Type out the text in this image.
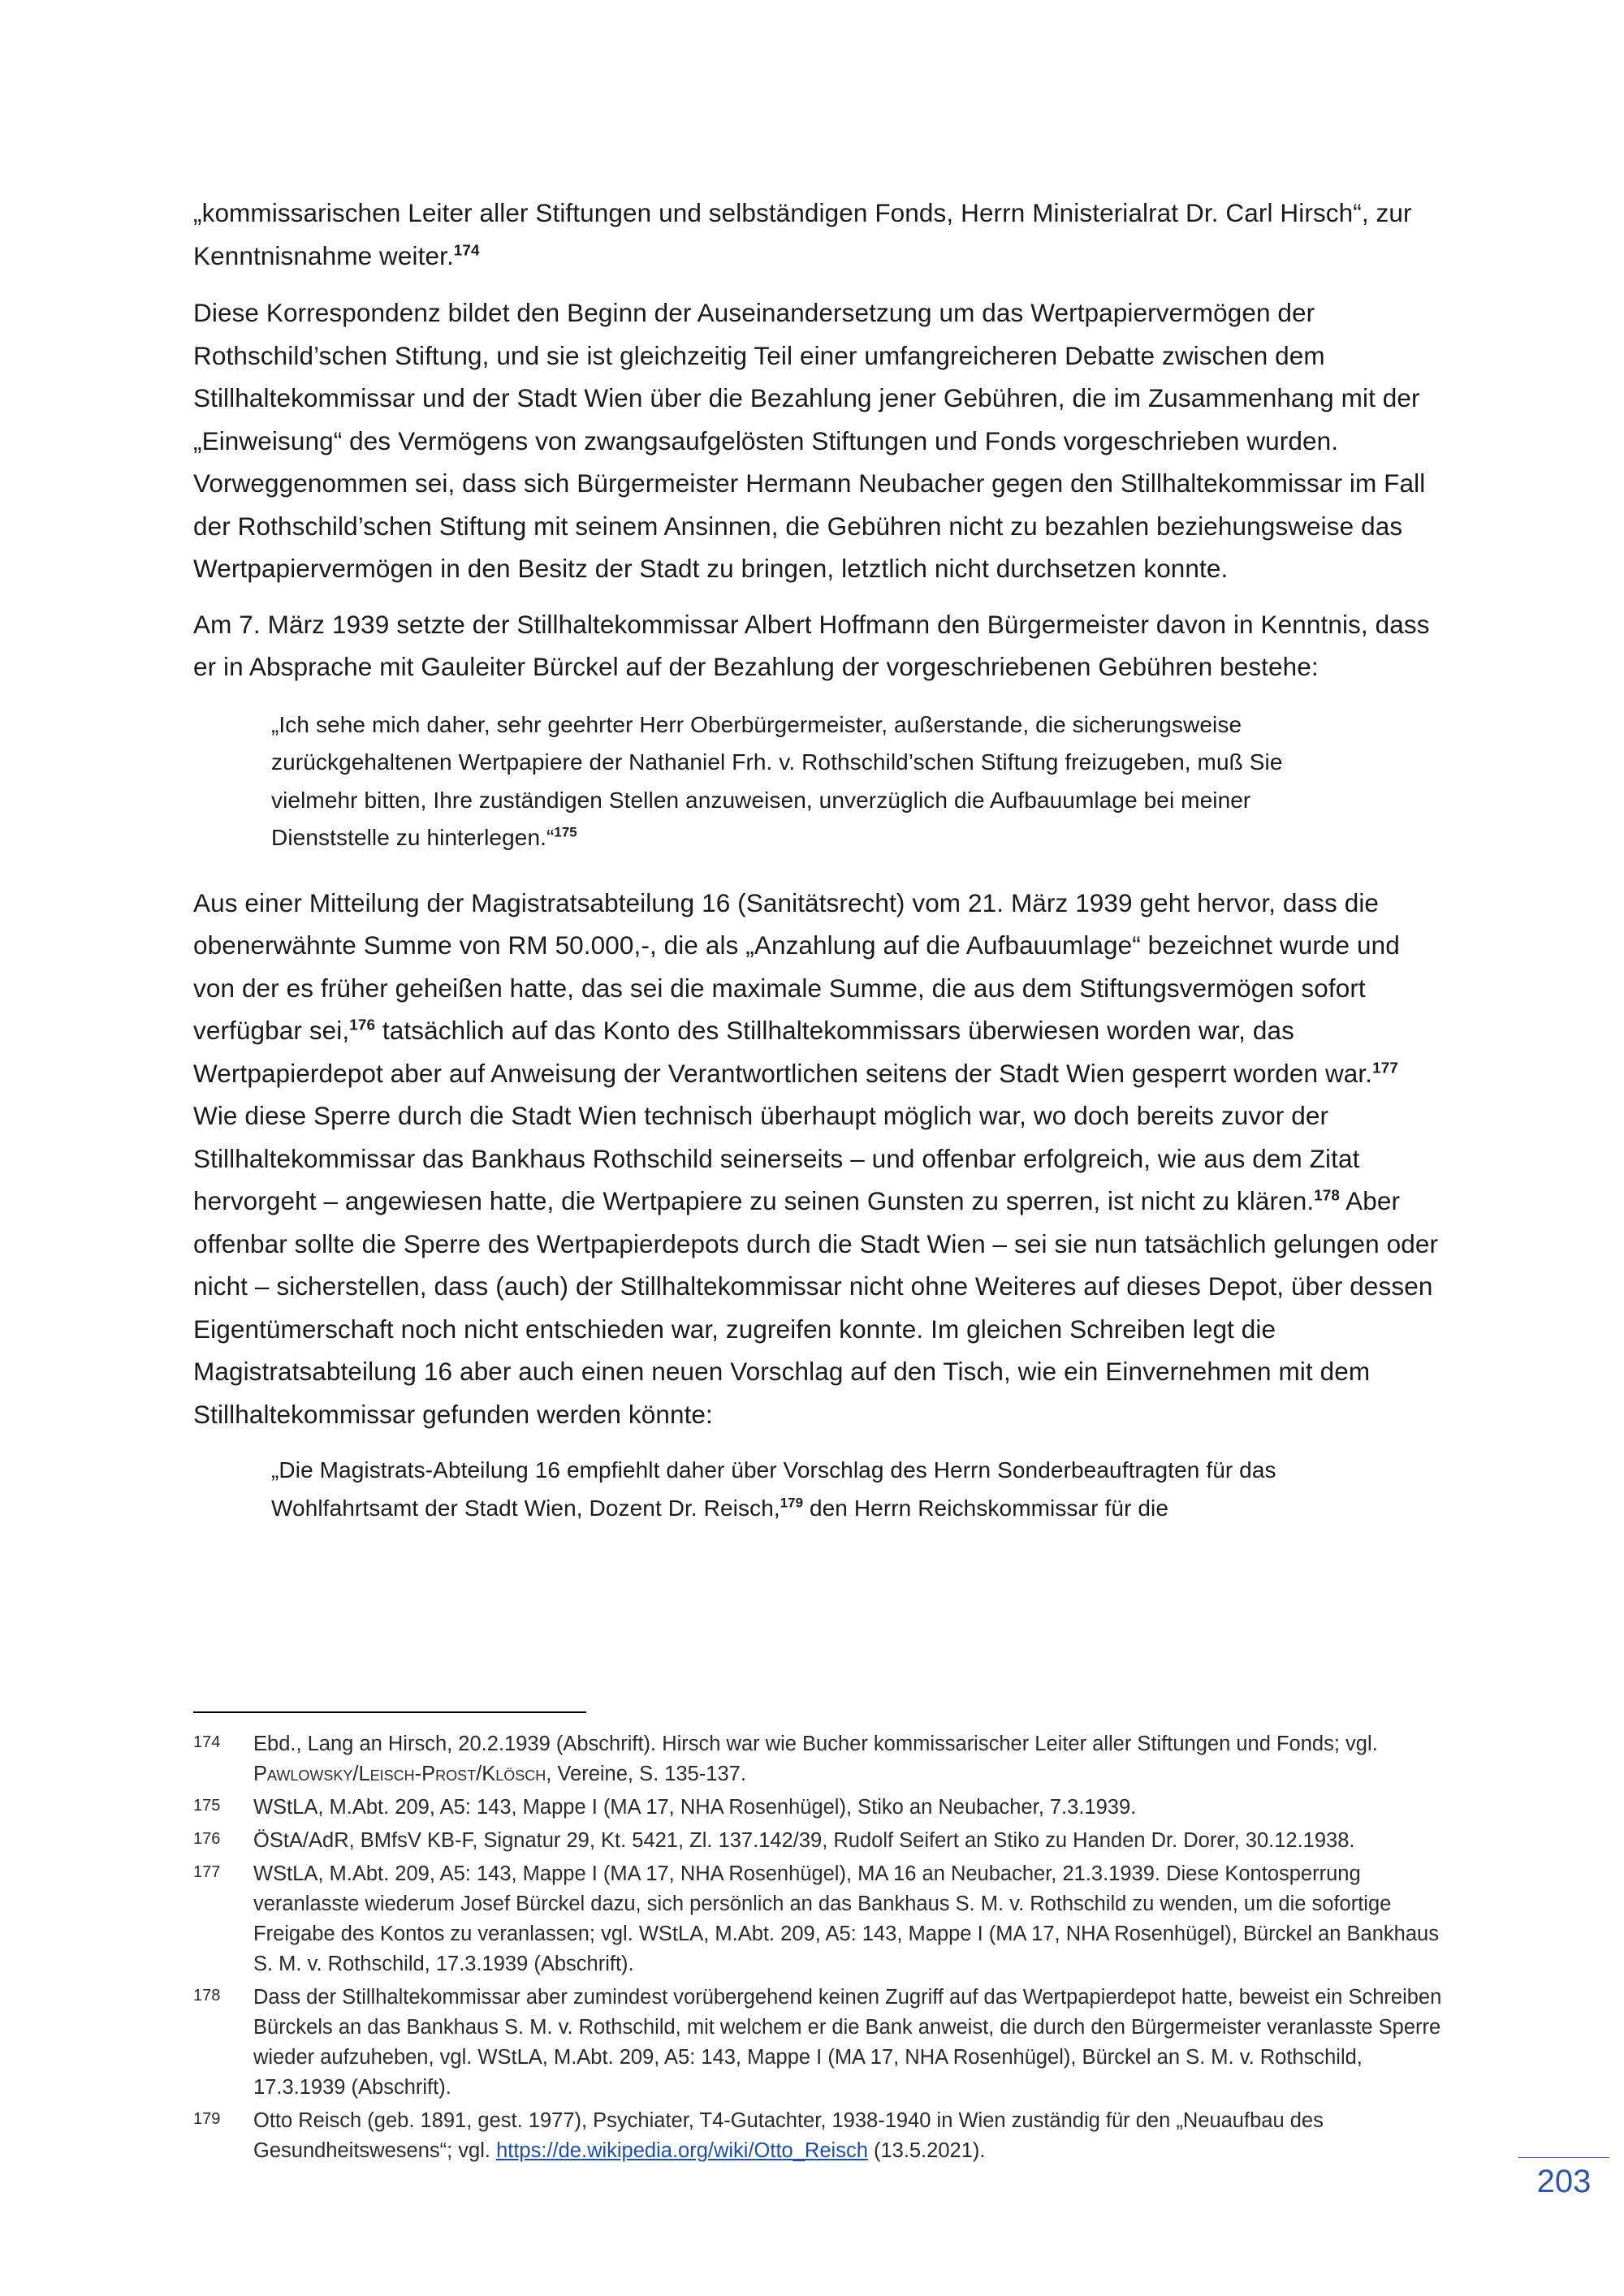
„kommissarischen Leiter aller Stiftungen und selbständigen Fonds, Herrn Ministerialrat Dr. Carl Hirsch“, zur Kenntnisnahme weiter.$^{174}$

Diese Korrespondenz bildet den Beginn der Auseinandersetzung um das Wertpapiervermögen der Rothschild’schen Stiftung, und sie ist gleichzeitig Teil einer umfangreicheren Debatte zwischen dem Stillhaltekommissar und der Stadt Wien über die Bezahlung jener Gebühren, die im Zusammenhang mit der „Einweisung“ des Vermögens von zwangsaufgelösten Stiftungen und Fonds vorgeschrieben wurden. Vorweggenommen sei, dass sich Bürgermeister Hermann Neubacher gegen den Stillhaltekommissar im Fall der Rothschild’schen Stiftung mit seinem Ansinnen, die Gebühren nicht zu bezahlen beziehungsweise das Wertpapiervermögen in den Besitz der Stadt zu bringen, letztlich nicht durchsetzen konnte.

Am 7. März 1939 setzte der Stillhaltekommissar Albert Hoffmann den Bürgermeister davon in Kenntnis, dass er in Absprache mit Gauleiter Bürckel auf der Bezahlung der vorgeschriebenen Gebühren bestehe:

„Ich sehe mich daher, sehr geehrter Herr Oberbürgermeister, außerstande, die sicherungsweise zurückgehaltenen Wertpapiere der Nathaniel Frh. v. Rothschild’schen Stiftung freizugeben, muß Sie vielmehr bitten, Ihre zuständigen Stellen anzuweisen, unverzüglich die Aufbauumlage bei meiner Dienststelle zu hinterlegen.“$^{175}$

Aus einer Mitteilung der Magistratsabteilung 16 (Sanitätsrecht) vom 21. März 1939 geht hervor, dass die obenerwähnte Summe von RM 50.000,-, die als „Anzahlung auf die Aufbauumlage“ bezeichnet wurde und von der es früher geheißen hatte, das sei die maximale Summe, die aus dem Stiftungsvermögen sofort verfügbar sei,$^{176}$ tatsächlich auf das Konto des Stillhaltekommissars überwiesen worden war, das Wertpapierdepot aber auf Anweisung der Verantwortlichen seitens der Stadt Wien gesperrt worden war.$^{177}$ Wie diese Sperre durch die Stadt Wien technisch überhaupt möglich war, wo doch bereits zuvor der Stillhaltekommissar das Bankhaus Rothschild seinerseits – und offenbar erfolgreich, wie aus dem Zitat hervorgeht – angewiesen hatte, die Wertpapiere zu seinen Gunsten zu sperren, ist nicht zu klären.$^{178}$ Aber offenbar sollte die Sperre des Wertpapierdepots durch die Stadt Wien – sei sie nun tatsächlich gelungen oder nicht – sicherstellen, dass (auch) der Stillhaltekommissar nicht ohne Weiteres auf dieses Depot, über dessen Eigentümerschaft noch nicht entschieden war, zugreifen konnte. Im gleichen Schreiben legt die Magistratsabteilung 16 aber auch einen neuen Vorschlag auf den Tisch, wie ein Einvernehmen mit dem Stillhaltekommissar gefunden werden könnte:

„Die Magistrats-Abteilung 16 empfiehlt daher über Vorschlag des Herrn Sonderbeauftragten für das Wohlfahrtsamt der Stadt Wien, Dozent Dr. Reisch,$^{179}$ den Herrn Reichskommissar für die
174	Ebd., Lang an Hirsch, 20.2.1939 (Abschrift). Hirsch war wie Bucher kommissarischer Leiter aller Stiftungen und Fonds; vgl. Pawlowsky/Leisch-Prost/Klösch, Vereine, S. 135-137.
175	WStLA, M.Abt. 209, A5: 143, Mappe I (MA 17, NHA Rosenhügel), Stiko an Neubacher, 7.3.1939.
176	ÖStA/AdR, BMfsV KB-F, Signatur 29, Kt. 5421, Zl. 137.142/39, Rudolf Seifert an Stiko zu Handen Dr. Dorer, 30.12.1938.
177	WStLA, M.Abt. 209, A5: 143, Mappe I (MA 17, NHA Rosenhügel), MA 16 an Neubacher, 21.3.1939. Diese Kontosperrung veranlasste wiederum Josef Bürckel dazu, sich persönlich an das Bankhaus S. M. v. Rothschild zu wenden, um die sofortige Freigabe des Kontos zu veranlassen; vgl. WStLA, M.Abt. 209, A5: 143, Mappe I (MA 17, NHA Rosenhügel), Bürckel an Bankhaus S. M. v. Rothschild, 17.3.1939 (Abschrift).
178	Dass der Stillhaltekommissar aber zumindest vorübergehend keinen Zugriff auf das Wertpapierdepot hatte, beweist ein Schreiben Bürckels an das Bankhaus S. M. v. Rothschild, mit welchem er die Bank anweist, die durch den Bürgermeister veranlasste Sperre wieder aufzuheben, vgl. WStLA, M.Abt. 209, A5: 143, Mappe I (MA 17, NHA Rosenhügel), Bürckel an S. M. v. Rothschild, 17.3.1939 (Abschrift).
179	Otto Reisch (geb. 1891, gest. 1977), Psychiater, T4-Gutachter, 1938-1940 in Wien zuständig für den „Neuaufbau des Gesundheitswesens“; vgl. https://de.wikipedia.org/wiki/Otto_Reisch (13.5.2021).
203
